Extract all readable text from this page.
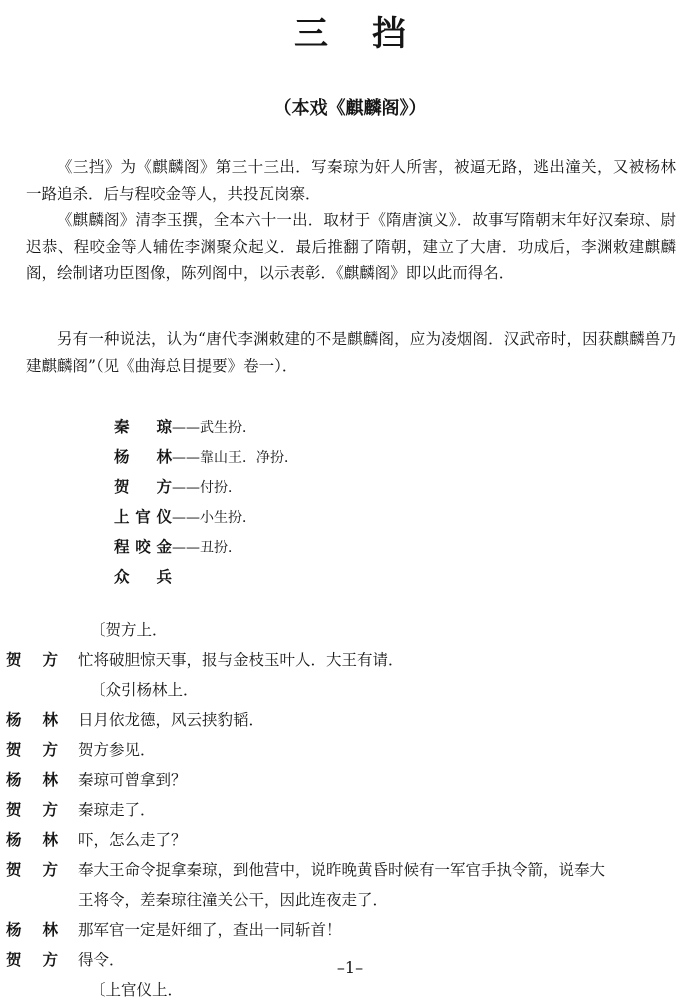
三挡
（本戏《麒麟阁》）
《三挡》为《麒麟阁》第三十三出．写秦琼为奸人所害，被逼无路，逃出潼关，又被杨林一路追杀．后与程咬金等人，共投瓦岗寨．
《麒麟阁》清李玉撰，全本六十一出．取材于《隋唐演义》．故事写隋朝末年好汉秦琼、尉迟恭、程咬金等人辅佐李渊聚众起义．最后推翻了隋朝，建立了大唐．功成后，李渊敕建麒麟阁，绘制诸功臣图像，陈列阁中，以示表彰．《麒麟阁》即以此而得名．
另有一种说法，认为“唐代李渊敕建的不是麒麟阁，应为凌烟阁．汉武帝时，因获麒麟兽乃建麒麟阁”（见《曲海总目提要》卷一）．
秦琼——武生扮．
杨林——靠山王．净扮．
贺方——付扮．
上官仪——小生扮．
程咬金——丑扮．
众兵
〔贺方上．
贺方 忙将破胆惊天事，报与金枝玉叶人．大王有请．
〔众引杨林上．
杨林 日月依龙德，风云挟豹韬．
贺方 贺方参见．
杨林 秦琼可曾拿到？
贺方 秦琼走了．
杨林 吓，怎么走了？
贺方 奉大王命令捉拿秦琼，到他营中，说昨晚黄昏时候有一军官手执令箭，说奉大
王将令，差秦琼往潼关公干，因此连夜走了．
杨林 那军官一定是奸细了，查出一同斩首！
贺方 得令．
〔上官仪上．
–1–
